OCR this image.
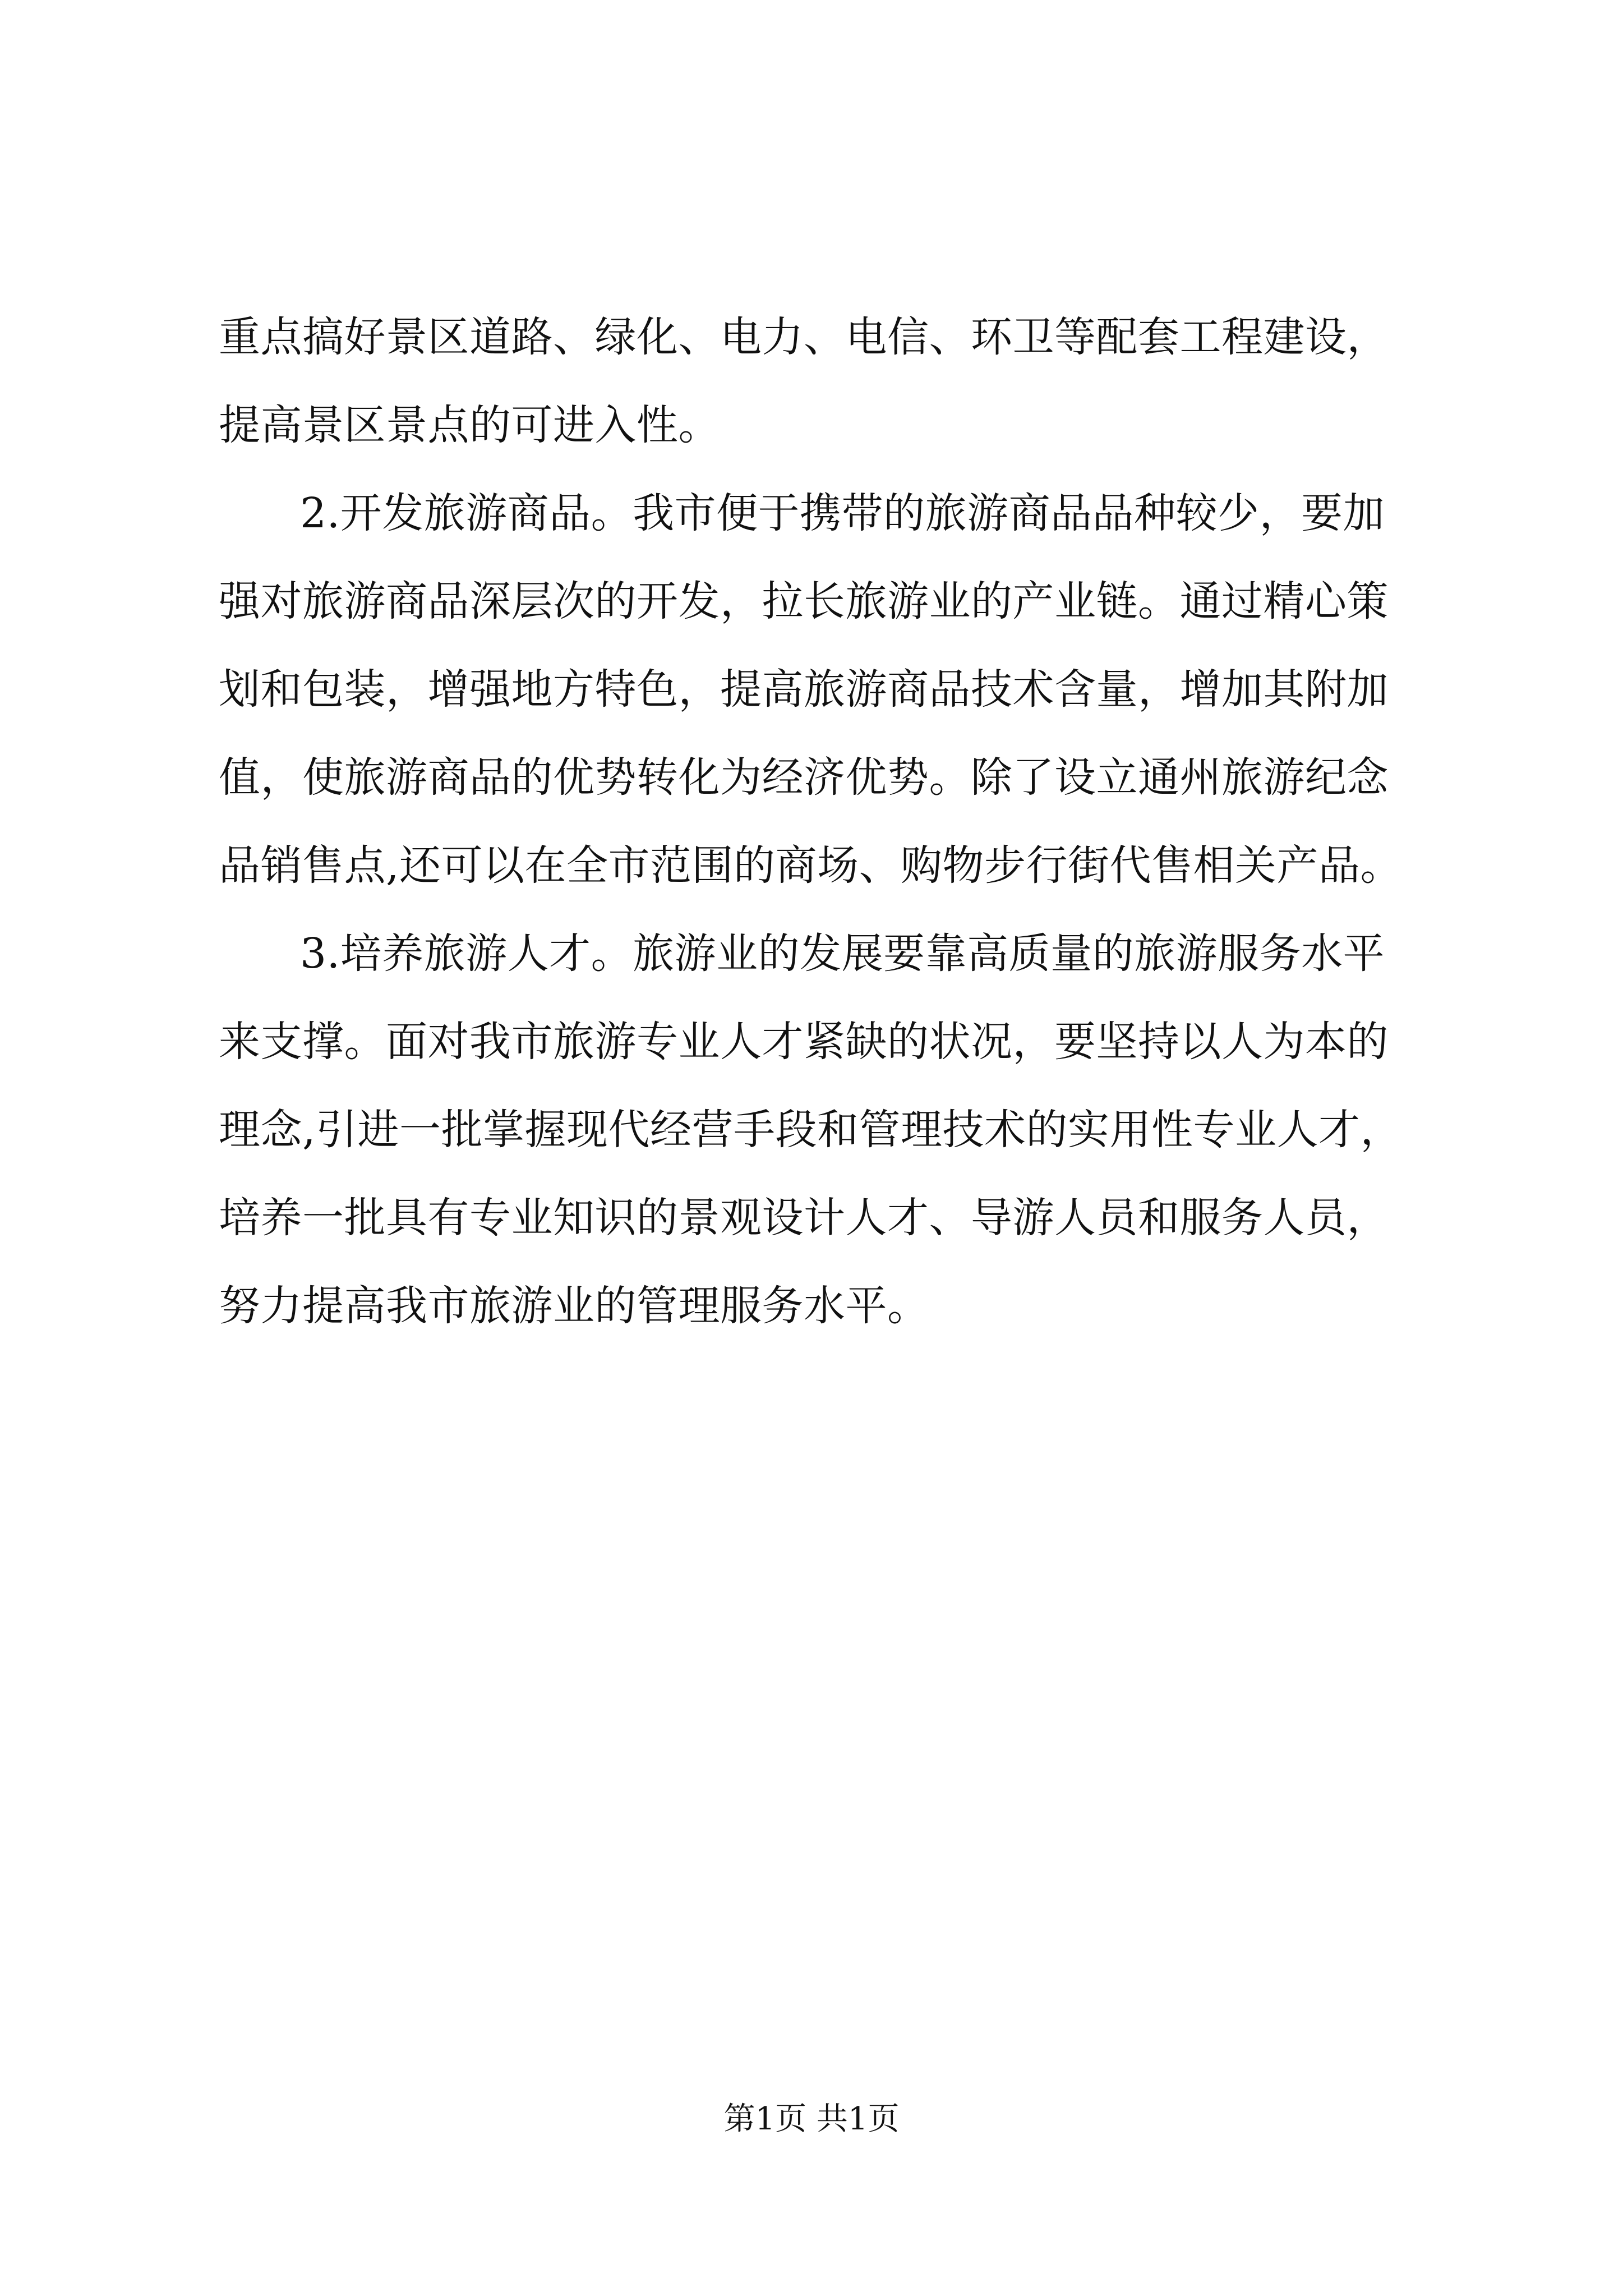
重点搞好景区道路、绿化、电力、电信、环卫等配套工程建设，
提高景区景点的可进入性。
2.开发旅游商品。我市便于携带的旅游商品品种较少，要加
强对旅游商品深层次的开发，拉长旅游业的产业链。通过精心策
划和包装，增强地方特色，提高旅游商品技术含量，增加其附加
值，使旅游商品的优势转化为经济优势。除了设立通州旅游纪念
品销售点,还可以在全市范围的商场、购物步行街代售相关产品。
3.培养旅游人才。旅游业的发展要靠高质量的旅游服务水平
来支撑。面对我市旅游专业人才紧缺的状况，要坚持以人为本的
理念,引进一批掌握现代经营手段和管理技术的实用性专业人才，
培养一批具有专业知识的景观设计人才、导游人员和服务人员，
努力提高我市旅游业的管理服务水平。
第1页 共1页
